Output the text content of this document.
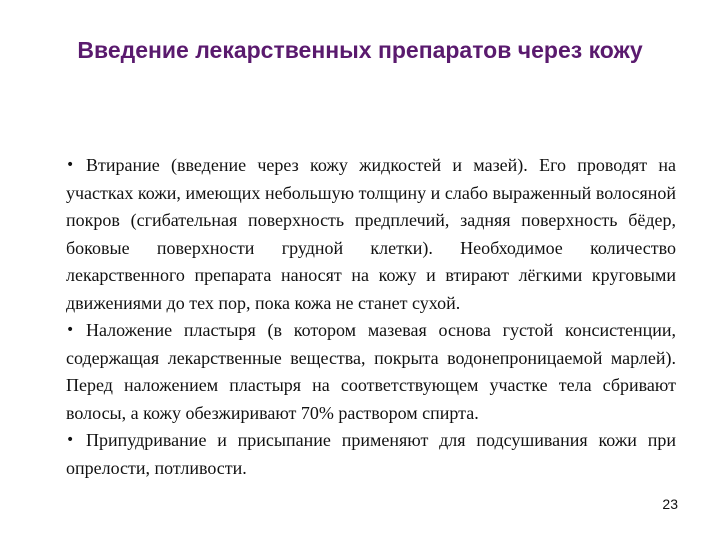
Введение лекарственных препаратов через кожу

• Втирание (введение через кожу жидкостей и мазей). Его проводят на участках кожи, имеющих небольшую толщину и слабо выраженный волосяной покров (сгибательная поверхность предплечий, задняя поверхность бёдер, боковые поверхности грудной клетки). Необходимое количество лекарственного препарата наносят на кожу и втирают лёгкими круговыми движениями до тех пор, пока кожа не станет сухой.

• Наложение пластыря (в котором мазевая основа густой консистенции, содержащая лекарственные вещества, покрыта водонепроницаемой марлей). Перед наложением пластыря на соответствующем участке тела сбривают волосы, а кожу обезжиривают 70% раствором спирта.

• Припудривание и присыпание применяют для подсушивания кожи при опрелости, потливости.

23
